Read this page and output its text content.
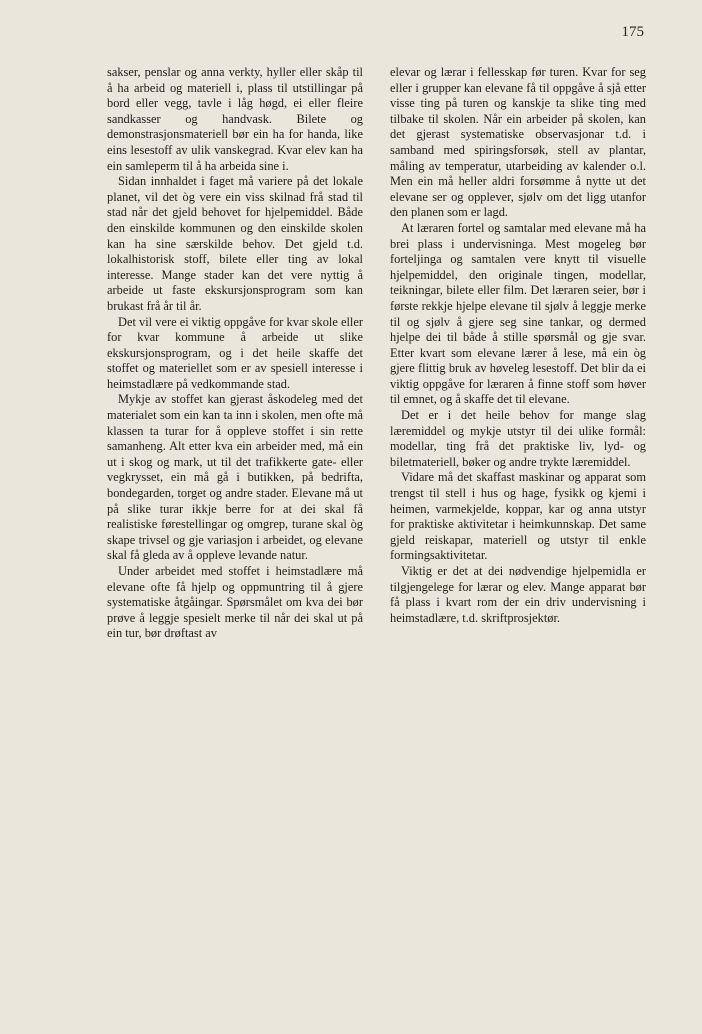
175

sakser, penslar og anna verkty, hyller eller skåp til å ha arbeid og materiell i, plass til utstillingar på bord eller vegg, tavle i låg høgd, ei eller fleire sandkasser og handvask. Bilete og demonstrasjonsmateriell bør ein ha for handa, like eins lesestoff av ulik vanskegrad. Kvar elev kan ha ein samleperm til å ha arbeida sine i.

Sidan innhaldet i faget må variere på det lokale planet, vil det òg vere ein viss skilnad frå stad til stad når det gjeld behovet for hjelpemiddel. Både den einskilde kommunen og den einskilde skolen kan ha sine særskilde behov. Det gjeld t.d. lokalhistorisk stoff, bilete eller ting av lokal interesse. Mange stader kan det vere nyttig å arbeide ut faste ekskursjonsprogram som kan brukast frå år til år.

Det vil vere ei viktig oppgåve for kvar skole eller for kvar kommune å arbeide ut slike ekskursjonsprogram, og i det heile skaffe det stoffet og materiellet som er av spesiell interesse i heimstadlære på vedkommande stad.

Mykje av stoffet kan gjerast åskodeleg med det materialet som ein kan ta inn i skolen, men ofte må klassen ta turar for å oppleve stoffet i sin rette samanheng. Alt etter kva ein arbeider med, må ein ut i skog og mark, ut til det trafikkerte gate- eller vegkrysset, ein må gå i butikken, på bedrifta, bondegarden, torget og andre stader. Elevane må ut på slike turar ikkje berre for at dei skal få realistiske førestellingar og omgrep, turane skal òg skape trivsel og gje variasjon i arbeidet, og elevane skal få gleda av å oppleve levande natur.

Under arbeidet med stoffet i heimstadlære må elevane ofte få hjelp og oppmuntring til å gjere systematiske åtgåingar. Spørsmålet om kva dei bør prøve å leggje spesielt merke til når dei skal ut på ein tur, bør drøftast av

elevar og lærar i fellesskap før turen. Kvar for seg eller i grupper kan elevane få til oppgåve å sjå etter visse ting på turen og kanskje ta slike ting med tilbake til skolen. Når ein arbeider på skolen, kan det gjerast systematiske observasjonar t.d. i samband med spiringsforsøk, stell av plantar, måling av temperatur, utarbeiding av kalender o.l. Men ein må heller aldri forsømme å nytte ut det elevane ser og opplever, sjølv om det ligg utanfor den planen som er lagd.

At læraren fortel og samtalar med elevane må ha brei plass i undervisninga. Mest mogeleg bør forteljinga og samtalen vere knytt til visuelle hjelpemiddel, den originale tingen, modellar, teikningar, bilete eller film. Det læraren seier, bør i første rekkje hjelpe elevane til sjølv å leggje merke til og sjølv å gjere seg sine tankar, og dermed hjelpe dei til både å stille spørsmål og gje svar. Etter kvart som elevane lærer å lese, må ein òg gjere flittig bruk av høveleg lesestoff. Det blir da ei viktig oppgåve for læraren å finne stoff som høver til emnet, og å skaffe det til elevane.

Det er i det heile behov for mange slag læremiddel og mykje utstyr til dei ulike formål: modellar, ting frå det praktiske liv, lyd- og biletmateriell, bøker og andre trykte læremiddel.

Vidare må det skaffast maskinar og apparat som trengst til stell i hus og hage, fysikk og kjemi i heimen, varmekjelde, koppar, kar og anna utstyr for praktiske aktivitetar i heimkunnskap. Det same gjeld reiskapar, materiell og utstyr til enkle formingsaktivitetar.

Viktig er det at dei nødvendige hjelpemidla er tilgjengelege for lærar og elev. Mange apparat bør få plass i kvart rom der ein driv undervisning i heimstadlære, t.d. skriftprosjektør.
